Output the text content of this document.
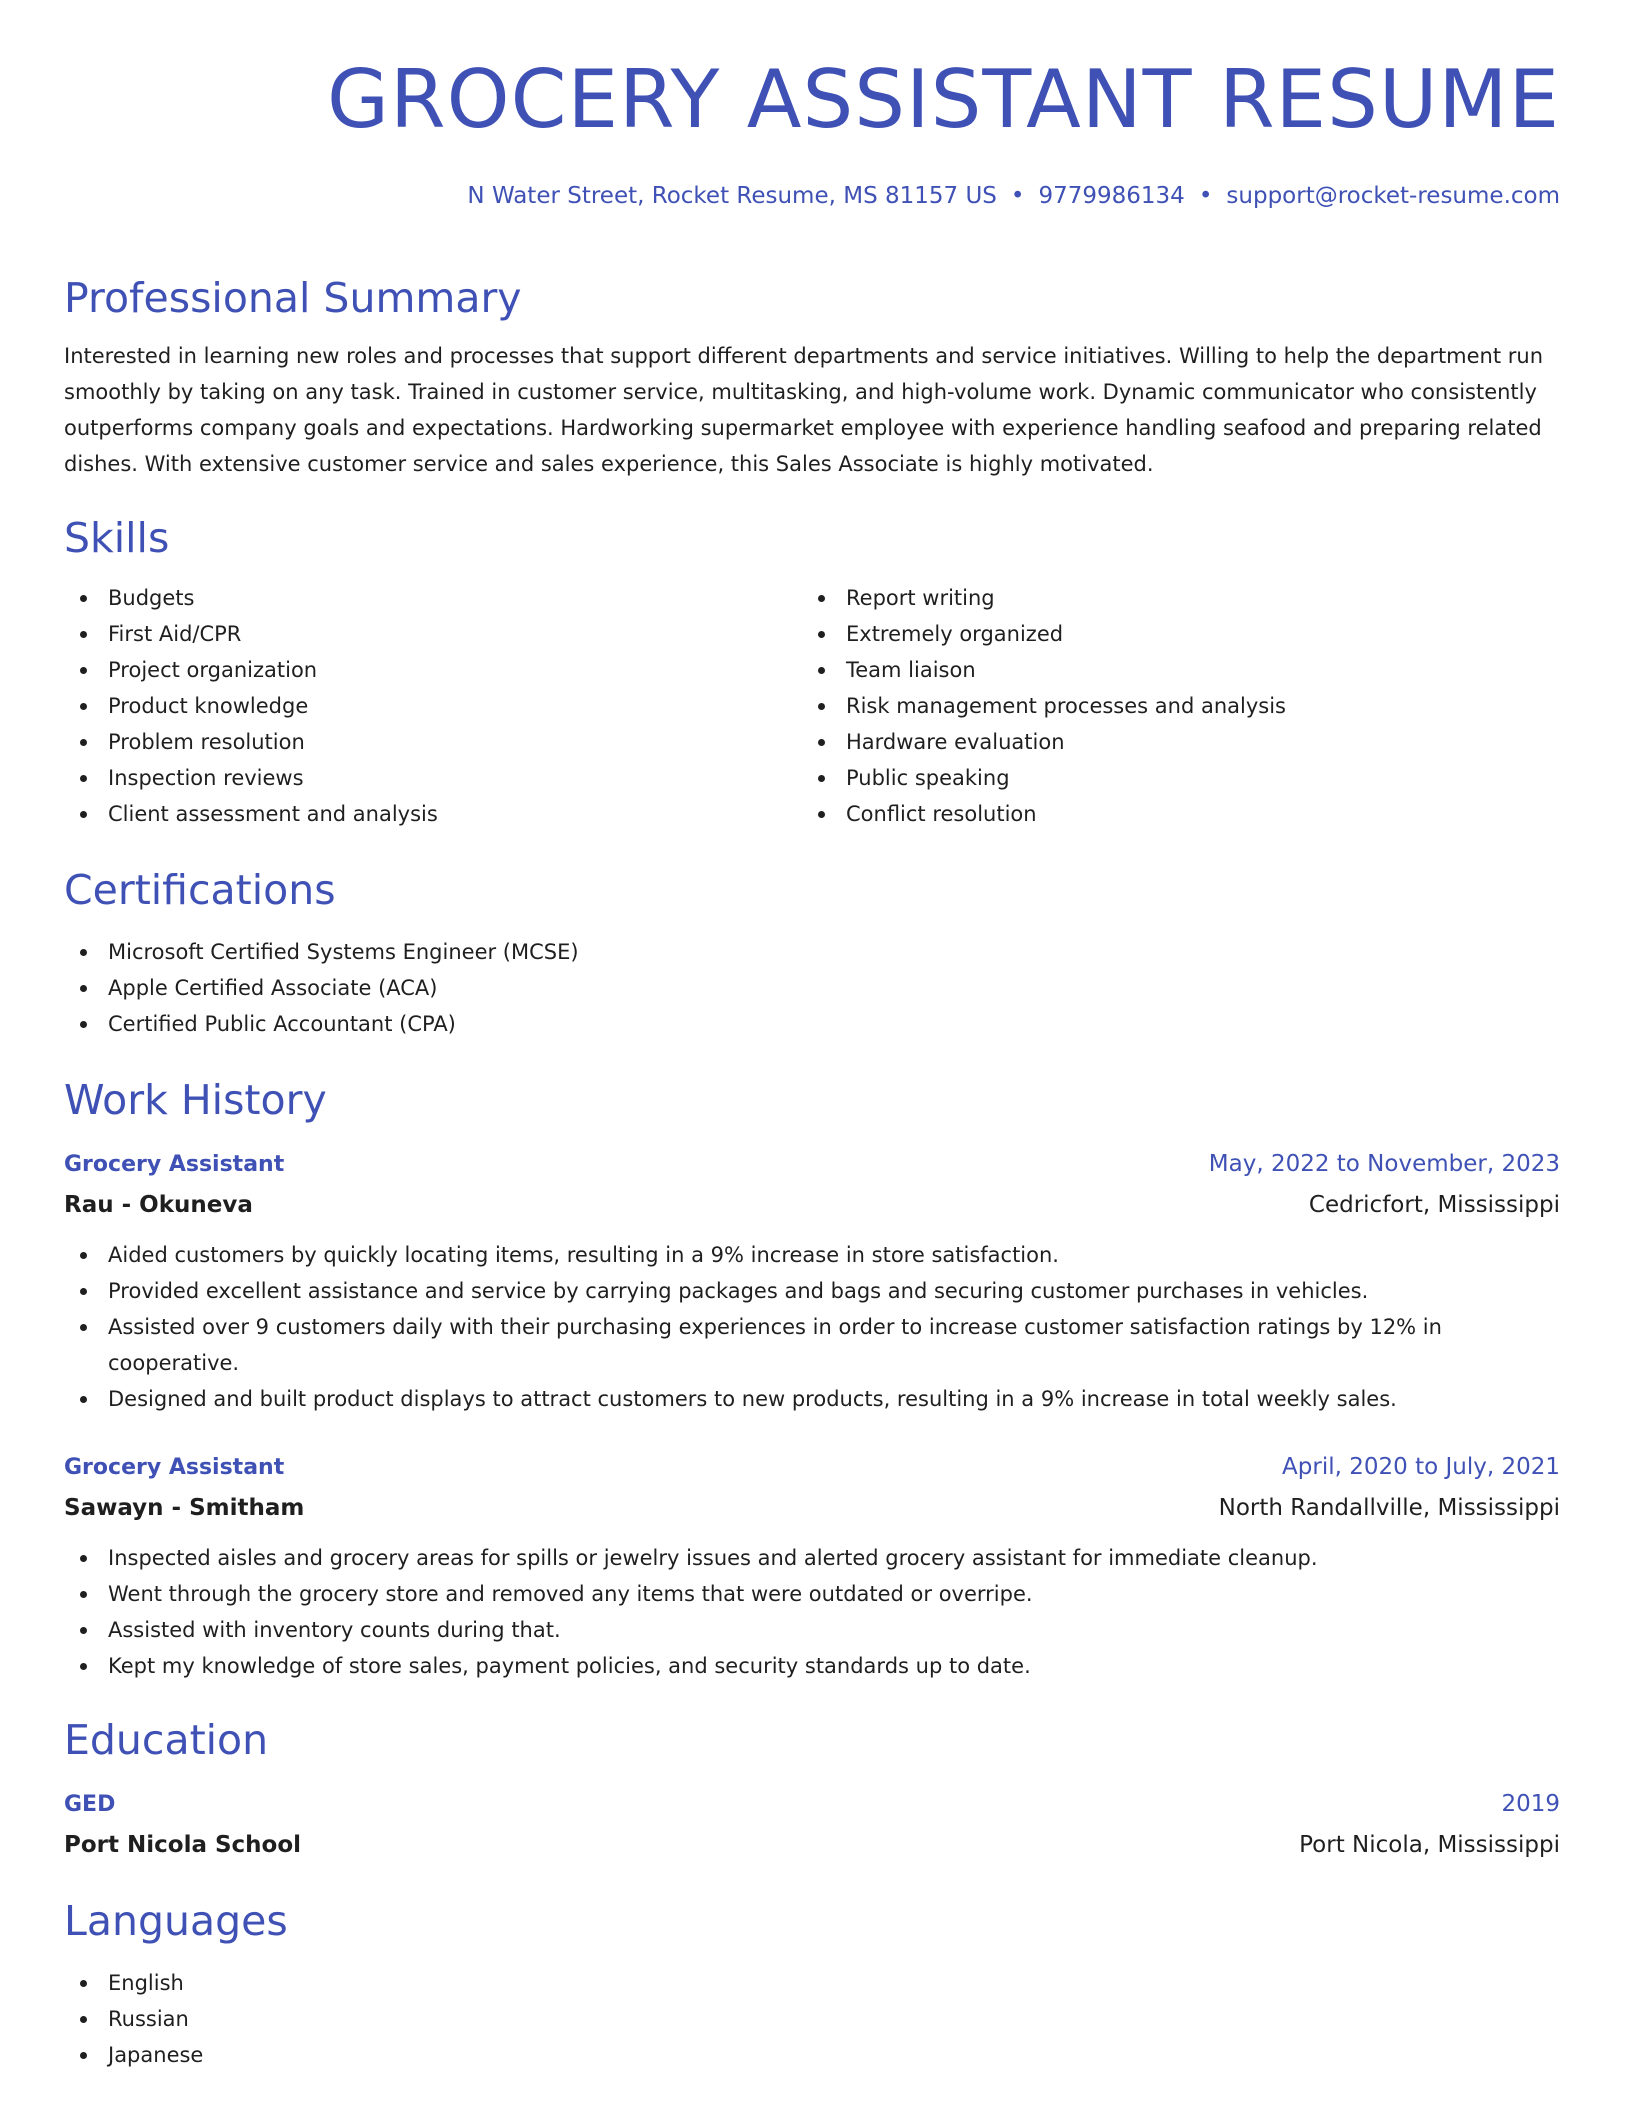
GROCERY ASSISTANT RESUME
N Water Street, Rocket Resume, MS 81157 US • 9779986134 • support@rocket-resume.com
Professional Summary
Interested in learning new roles and processes that support different departments and service initiatives. Willing to help the department run smoothly by taking on any task. Trained in customer service, multitasking, and high-volume work. Dynamic communicator who consistently outperforms company goals and expectations. Hardworking supermarket employee with experience handling seafood and preparing related dishes. With extensive customer service and sales experience, this Sales Associate is highly motivated.
Skills
Budgets
First Aid/CPR
Project organization
Product knowledge
Problem resolution
Inspection reviews
Client assessment and analysis
Report writing
Extremely organized
Team liaison
Risk management processes and analysis
Hardware evaluation
Public speaking
Conflict resolution
Certifications
Microsoft Certified Systems Engineer (MCSE)
Apple Certified Associate (ACA)
Certified Public Accountant (CPA)
Work History
Grocery Assistant	May, 2022 to November, 2023
Rau - Okuneva	Cedricfort, Mississippi
Aided customers by quickly locating items, resulting in a 9% increase in store satisfaction.
Provided excellent assistance and service by carrying packages and bags and securing customer purchases in vehicles.
Assisted over 9 customers daily with their purchasing experiences in order to increase customer satisfaction ratings by 12% in cooperative.
Designed and built product displays to attract customers to new products, resulting in a 9% increase in total weekly sales.
Grocery Assistant	April, 2020 to July, 2021
Sawayn - Smitham	North Randallville, Mississippi
Inspected aisles and grocery areas for spills or jewelry issues and alerted grocery assistant for immediate cleanup.
Went through the grocery store and removed any items that were outdated or overripe.
Assisted with inventory counts during that.
Kept my knowledge of store sales, payment policies, and security standards up to date.
Education
GED	2019
Port Nicola School	Port Nicola, Mississippi
Languages
English
Russian
Japanese
